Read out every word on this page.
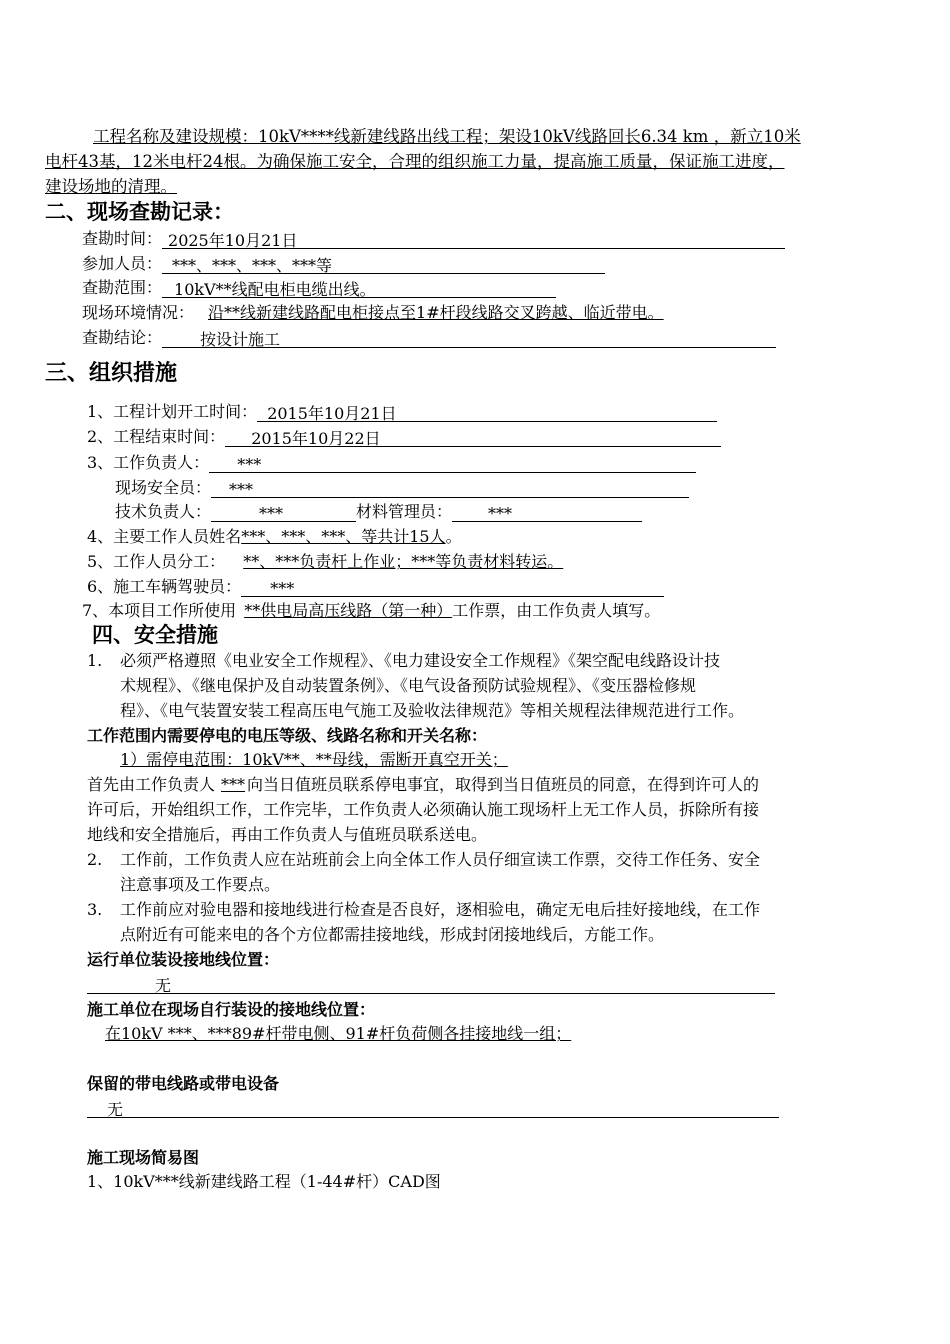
工程名称及建设规模：10kV****线新建线路出线工程；架设10kV线路回长6.34 km ，新立10米
电杆43基，12米电杆24根。为确保施工安全，合理的组织施工力量，提高施工质量，保证施工进度，
建设场地的清理。
二、现场查勘记录：
查勘时间： 2025年10月21日
参加人员： ***、***、***、***等
查勘范围： 10kV**线配电柜电缆出线。
现场环境情况： 沿**线新建线路配电柜接点至1#杆段线路交叉跨越、临近带电。
查勘结论： 按设计施工
三、组织措施
1、工程计划开工时间： 2015年10月21日
2、工程结束时间： 2015年10月22日
3、工作负责人： ***
现场安全员： ***
技术负责人：	***	材料管理员： ***
4、主要工作人员姓名***、***、***、等共计15人。
5、工作人员分工： **、***负责杆上作业；***等负责材料转运。
6、施工车辆驾驶员： ***
7、本项目工作所使用 **供电局高压线路（第一种）工作票，由工作负责人填写。
四、安全措施
1. 必须严格遵照《电业安全工作规程》、《电力建设安全工作规程》《架空配电线路设计技
术规程》、《继电保护及自动装置条例》、《电气设备预防试验规程》、《变压器检修规
程》、《电气装置安装工程高压电气施工及验收法律规范》等相关规程法律规范进行工作。
工作范围内需要停电的电压等级、线路名称和开关名称：
1）需停电范围：10kV**、**母线，需断开真空开关；
首先由工作负责人 *** 向当日值班员联系停电事宜，取得到当日值班员的同意，在得到许可人的
许可后，开始组织工作，工作完毕，工作负责人必须确认施工现场杆上无工作人员，拆除所有接
地线和安全措施后，再由工作负责人与值班员联系送电。
2. 工作前，工作负责人应在站班前会上向全体工作人员仔细宣读工作票，交待工作任务、安全
注意事项及工作要点。
3. 工作前应对验电器和接地线进行检查是否良好，逐相验电，确定无电后挂好接地线，在工作
点附近有可能来电的各个方位都需挂接地线，形成封闭接地线后，方能工作。
运行单位装设接地线位置：
无
施工单位在现场自行装设的接地线位置：
在10kV ***、***89#杆带电侧、91#杆负荷侧各挂接地线一组；
保留的带电线路或带电设备
无
施工现场简易图
1、10kV***线新建线路工程（1-44#杆）CAD图
